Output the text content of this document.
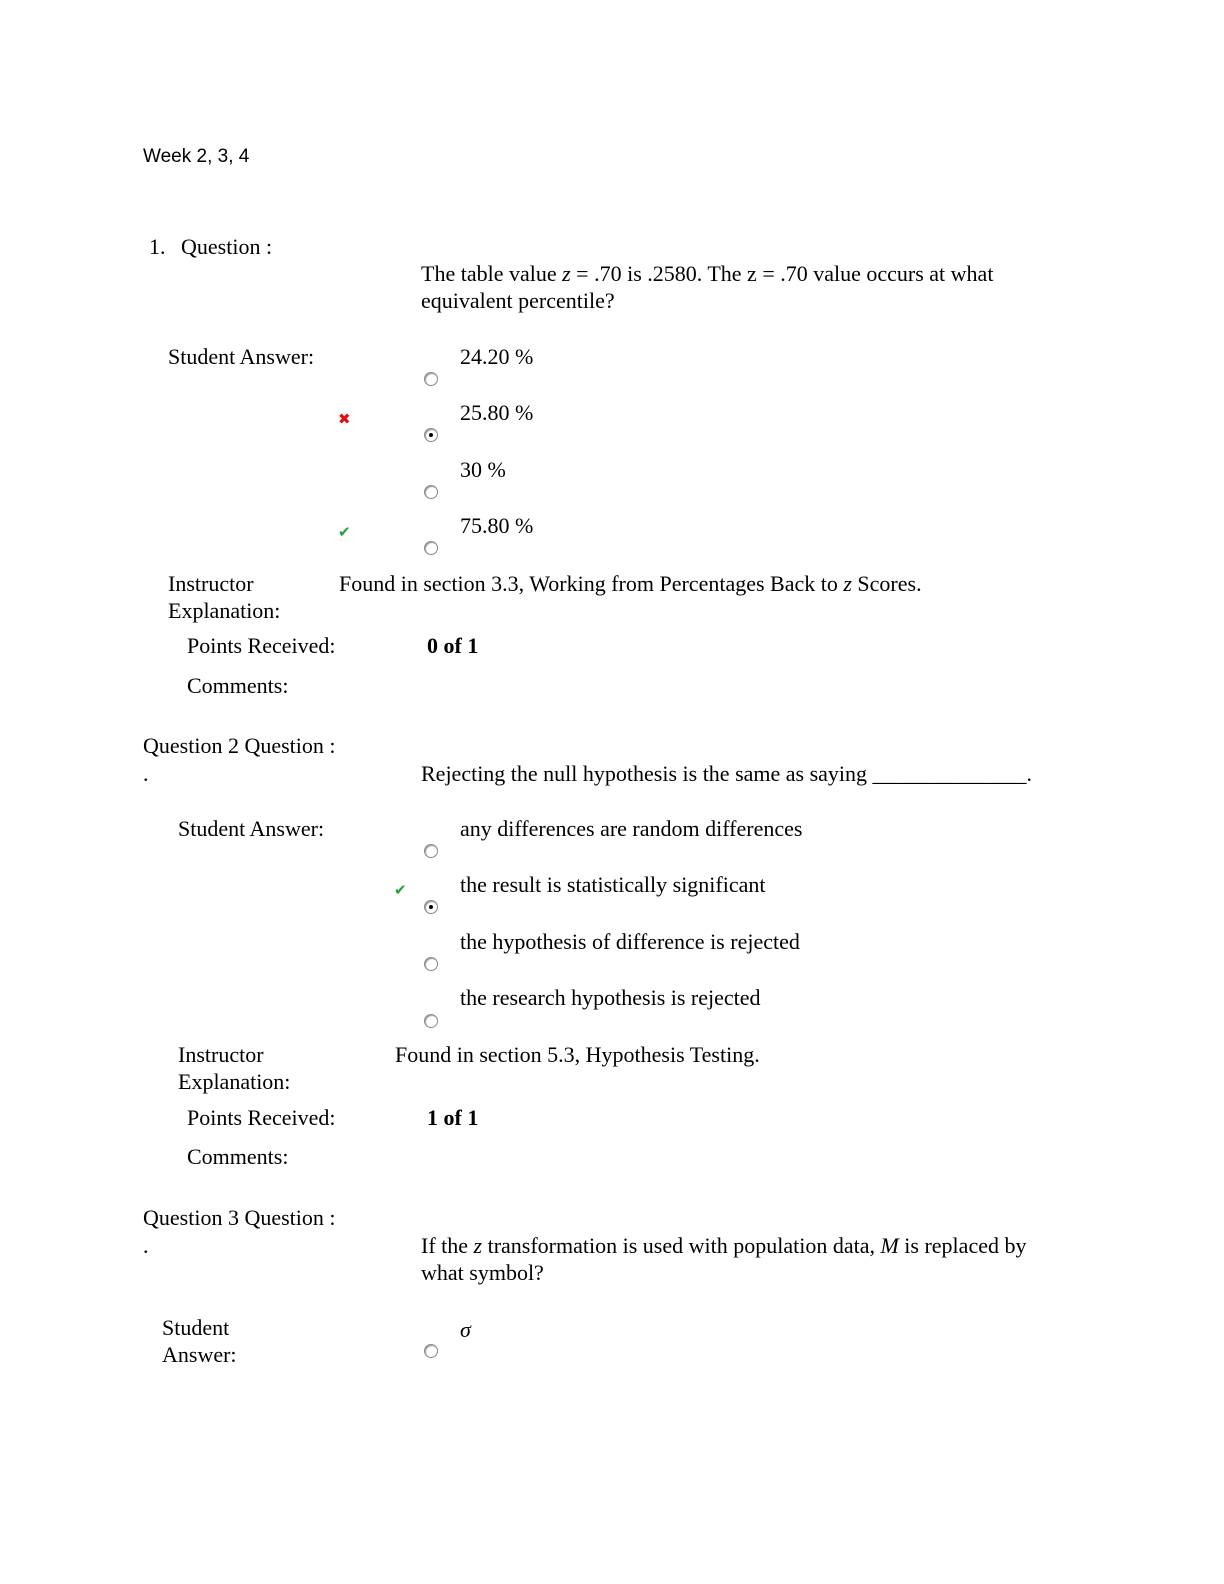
Week 2, 3, 4
1. Question :
The table value z = .70 is .2580. The z = .70 value occurs at what equivalent percentile?
Student Answer:	24.20 %
✖	25.80 %
30 %
✔	75.80 %
Instructor Explanation:
Found in section 3.3, Working from Percentages Back to z Scores.
Points Received:	0 of 1
Comments:
Question 2 Question :
.	Rejecting the null hypothesis is the same as saying ______________.
Student Answer:	any differences are random differences
✔ the result is statistically significant
the hypothesis of difference is rejected
the research hypothesis is rejected
Instructor Explanation:
Found in section 5.3, Hypothesis Testing.
Points Received:	1 of 1
Comments:
Question 3 Question :
.	If the z transformation is used with population data, M is replaced by what symbol?
Student Answer:
σ
